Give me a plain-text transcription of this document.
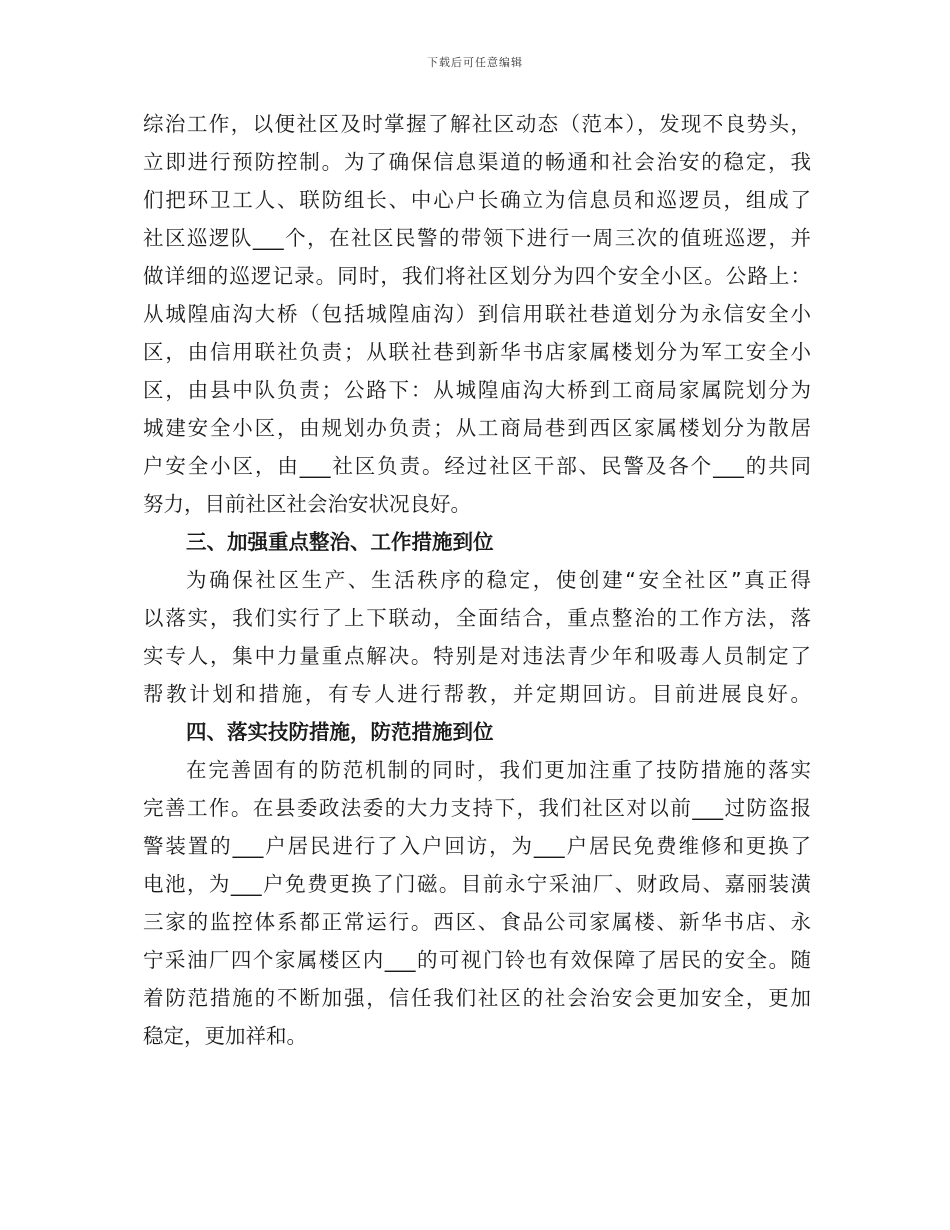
下载后可任意编辑
综治工作，以便社区及时掌握了解社区动态（范本），发现不良势头，
立即进行预防控制。为了确保信息渠道的畅通和社会治安的稳定，我
们把环卫工人、联防组长、中心户长确立为信息员和巡逻员，组成了
社区巡逻队___个，在社区民警的带领下进行一周三次的值班巡逻，并
做详细的巡逻记录。同时，我们将社区划分为四个安全小区。公路上：
从城隍庙沟大桥（包括城隍庙沟）到信用联社巷道划分为永信安全小
区，由信用联社负责；从联社巷到新华书店家属楼划分为军工安全小
区，由县中队负责；公路下：从城隍庙沟大桥到工商局家属院划分为
城建安全小区，由规划办负责；从工商局巷到西区家属楼划分为散居
户安全小区，由___社区负责。经过社区干部、民警及各个___的共同
努力，目前社区社会治安状况良好。
三、加强重点整治、工作措施到位
为确保社区生产、生活秩序的稳定，使创建“安全社区”真正得
以落实，我们实行了上下联动，全面结合，重点整治的工作方法，落
实专人，集中力量重点解决。特别是对违法青少年和吸毒人员制定了
帮教计划和措施，有专人进行帮教，并定期回访。目前进展良好。
四、落实技防措施，防范措施到位
在完善固有的防范机制的同时，我们更加注重了技防措施的落实
完善工作。在县委政法委的大力支持下，我们社区对以前___过防盗报
警装置的___户居民进行了入户回访，为___户居民免费维修和更换了
电池，为___户免费更换了门磁。目前永宁采油厂、财政局、嘉丽装潢
三家的监控体系都正常运行。西区、食品公司家属楼、新华书店、永
宁采油厂四个家属楼区内___的可视门铃也有效保障了居民的安全。随
着防范措施的不断加强，信任我们社区的社会治安会更加安全，更加
稳定，更加祥和。
